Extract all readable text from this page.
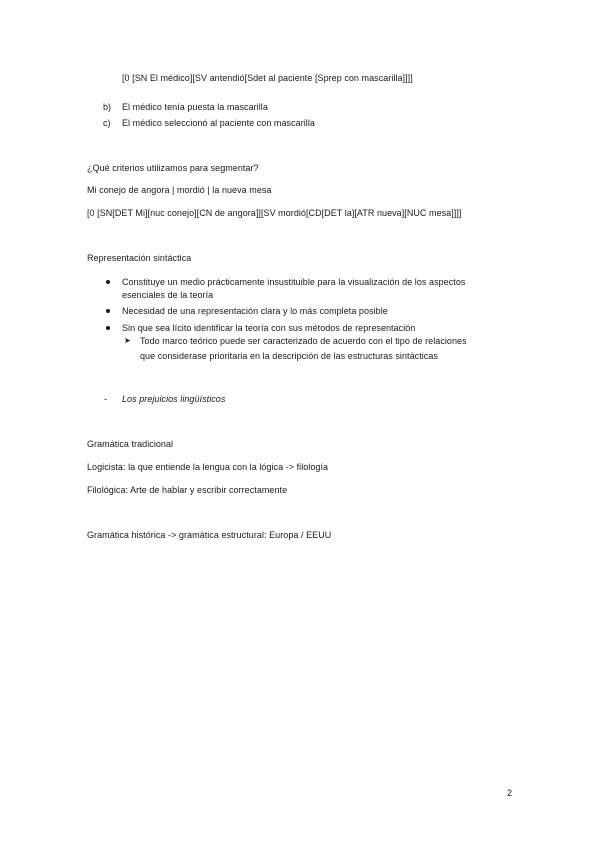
[0 [SN El médico][SV antendió[Sdet al paciente [Sprep con mascarilla]]]]
b) El médico tenía puesta la mascarilla
c) El médico seleccionó al paciente con mascarilla
¿Qué criterios utilizamos para segmentar?
Mi conejo de angora | mordió | la nueva mesa
[0 [SN[DET Mi][nuc conejo][CN de angora]][SV mordió[CD[DET la][ATR nueva][NUC mesa]]]]
Representación sintáctica
Constituye un medio prácticamente insustituible para la visualización de los aspectos
esenciales de la teoría
Necesidad de una representación clara y lo más completa posible
Sin que sea lícito identificar la teoría con sus métodos de representación
➤ Todo marco teórico puede ser caracterizado de acuerdo con el tipo de relaciones
que considerase prioritaria en la descripción de las estructuras sintácticas
- Los prejuicios lingüísticos
Gramática tradicional
Logicista: la que entiende la lengua con la lógica -> filología
Filológica: Arte de hablar y escribir correctamente
Gramática histórica -> gramática estructural: Europa / EEUU
2
